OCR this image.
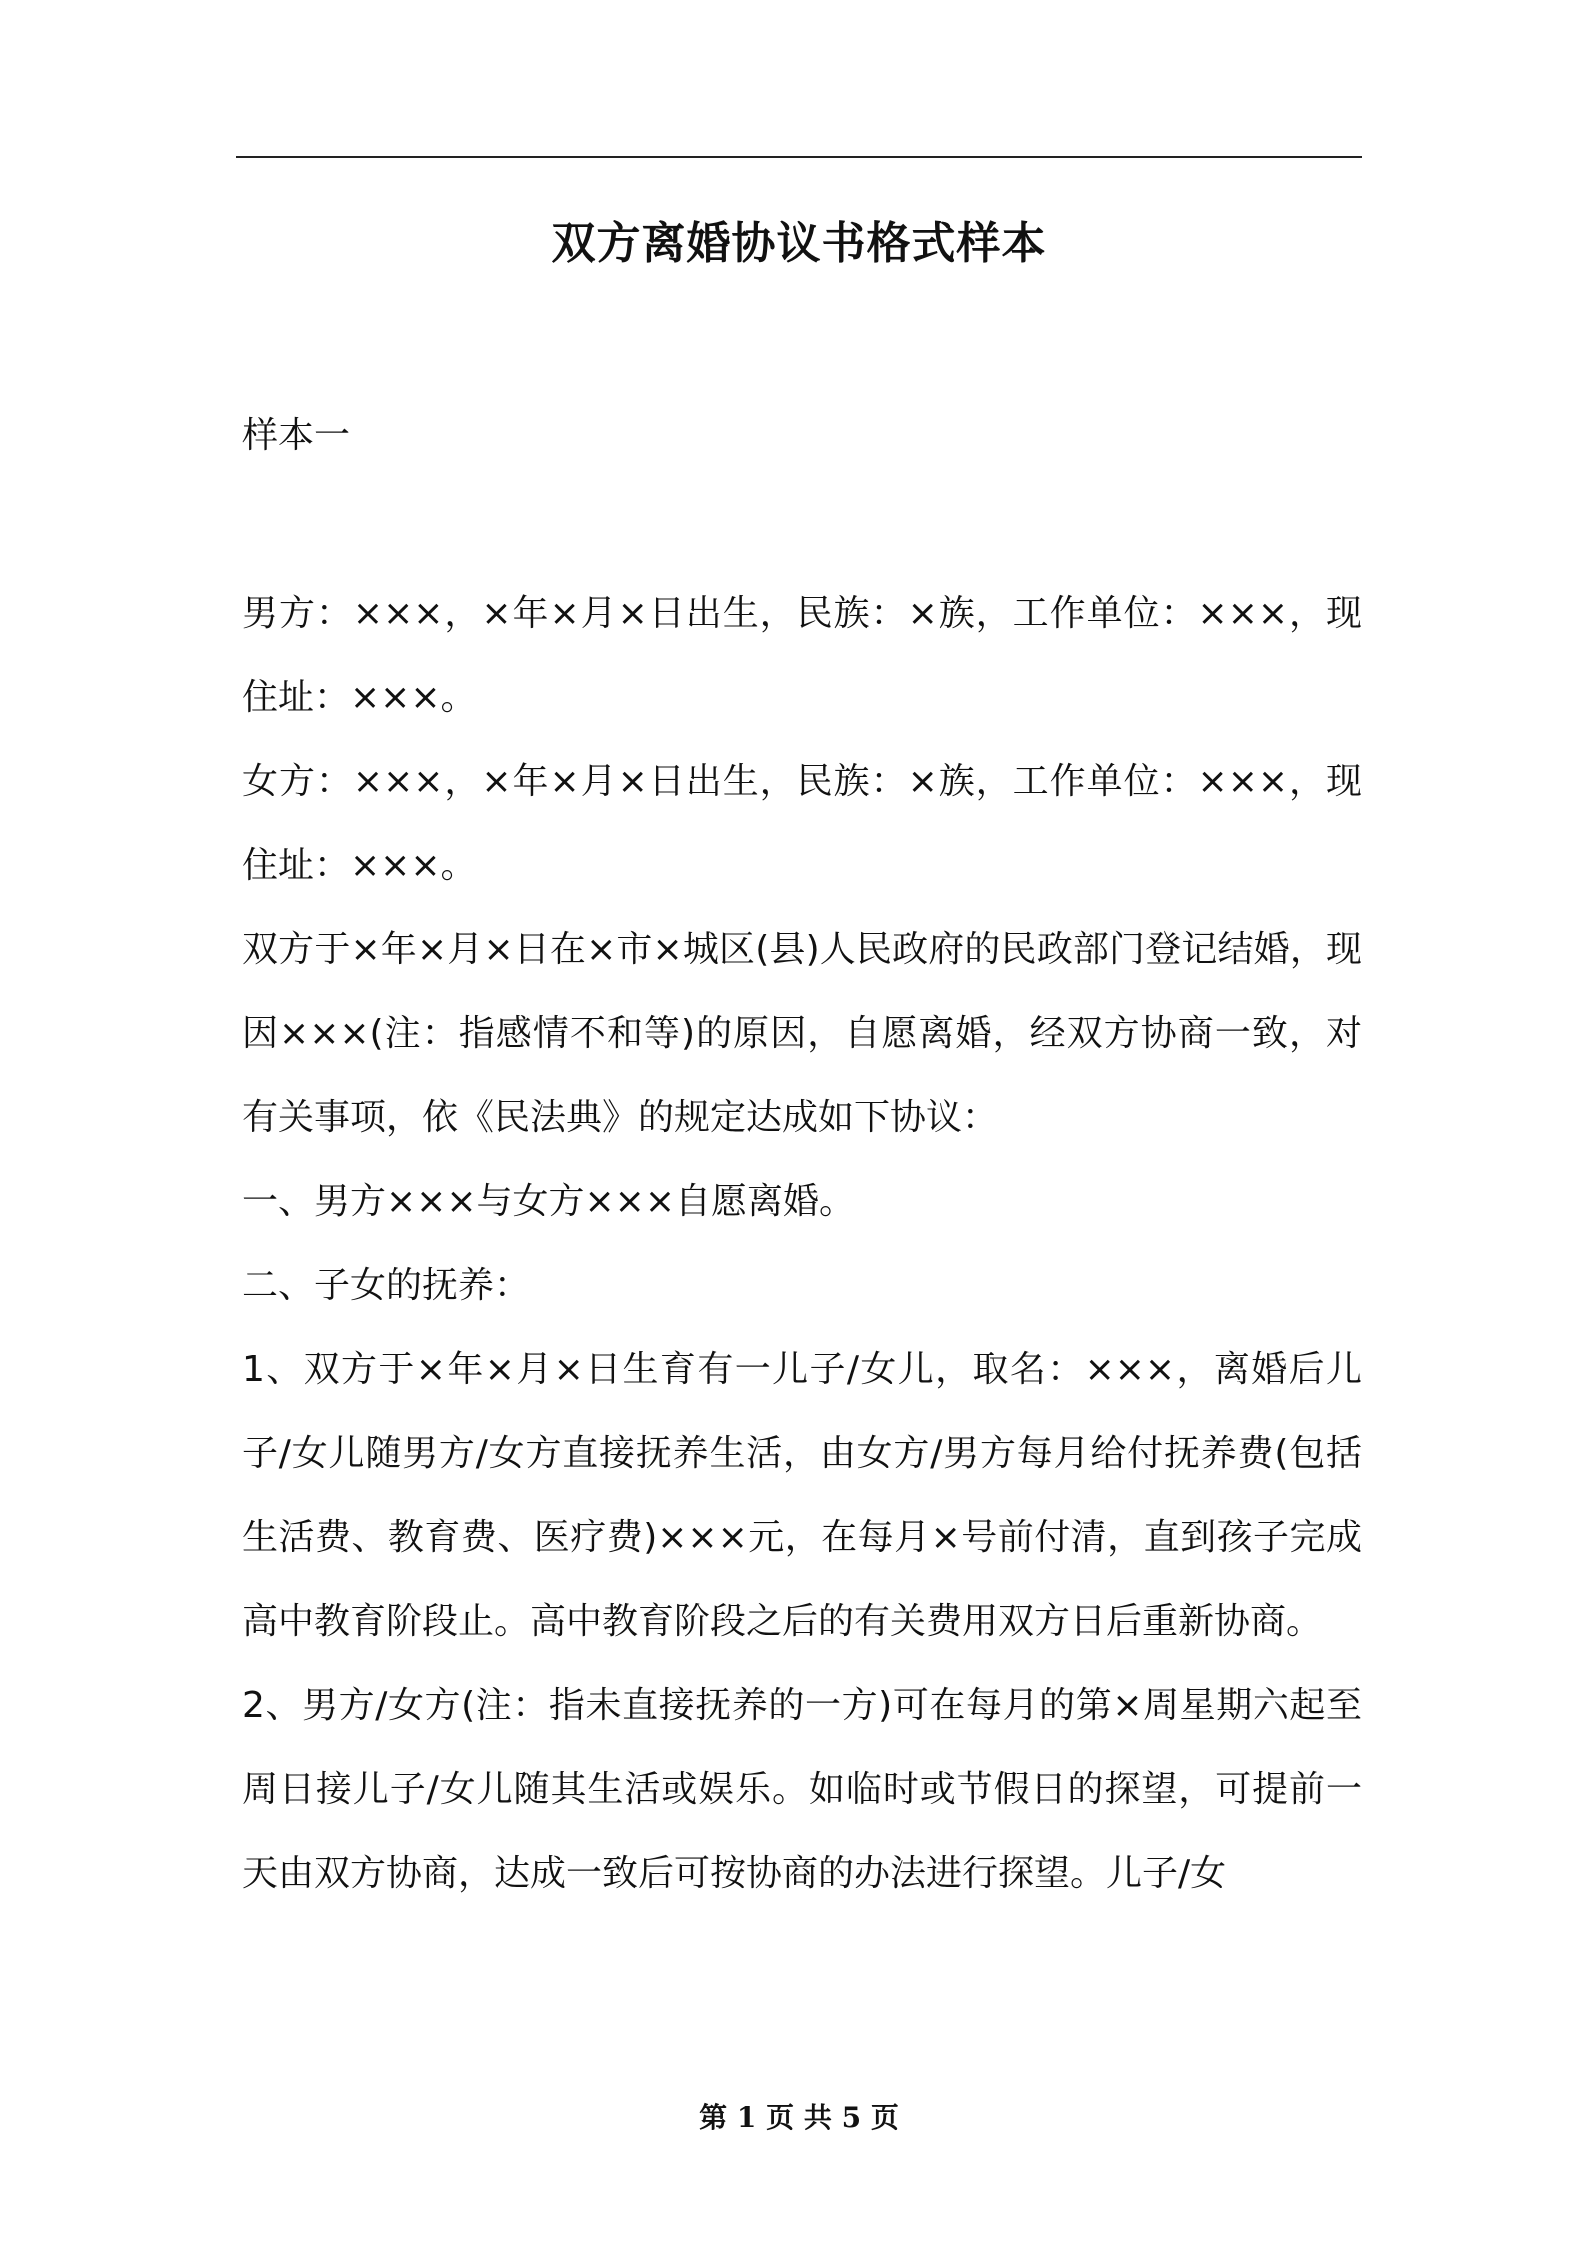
双方离婚协议书格式样本
样本一

男方：×××，×年×月×日出生，民族：×族，工作单位：×××，现住址：×××。

女方：×××，×年×月×日出生，民族：×族，工作单位：×××，现住址：×××。

双方于×年×月×日在×市×城区(县)人民政府的民政部门登记结婚，现因×××(注：指感情不和等)的原因，自愿离婚，经双方协商一致，对有关事项，依《民法典》的规定达成如下协议：

一、男方×××与女方×××自愿离婚。

二、子女的抚养：

1、双方于×年×月×日生育有一儿子/女儿，取名：×××，离婚后儿子/女儿随男方/女方直接抚养生活，由女方/男方每月给付抚养费(包括生活费、教育费、医疗费)×××元，在每月×号前付清，直到孩子完成高中教育阶段止。高中教育阶段之后的有关费用双方日后重新协商。

2、男方/女方(注：指未直接抚养的一方)可在每月的第×周星期六起至周日接儿子/女儿随其生活或娱乐。如临时或节假日的探望，可提前一天由双方协商，达成一致后可按协商的办法进行探望。儿子/女

第 1 页 共 5 页
